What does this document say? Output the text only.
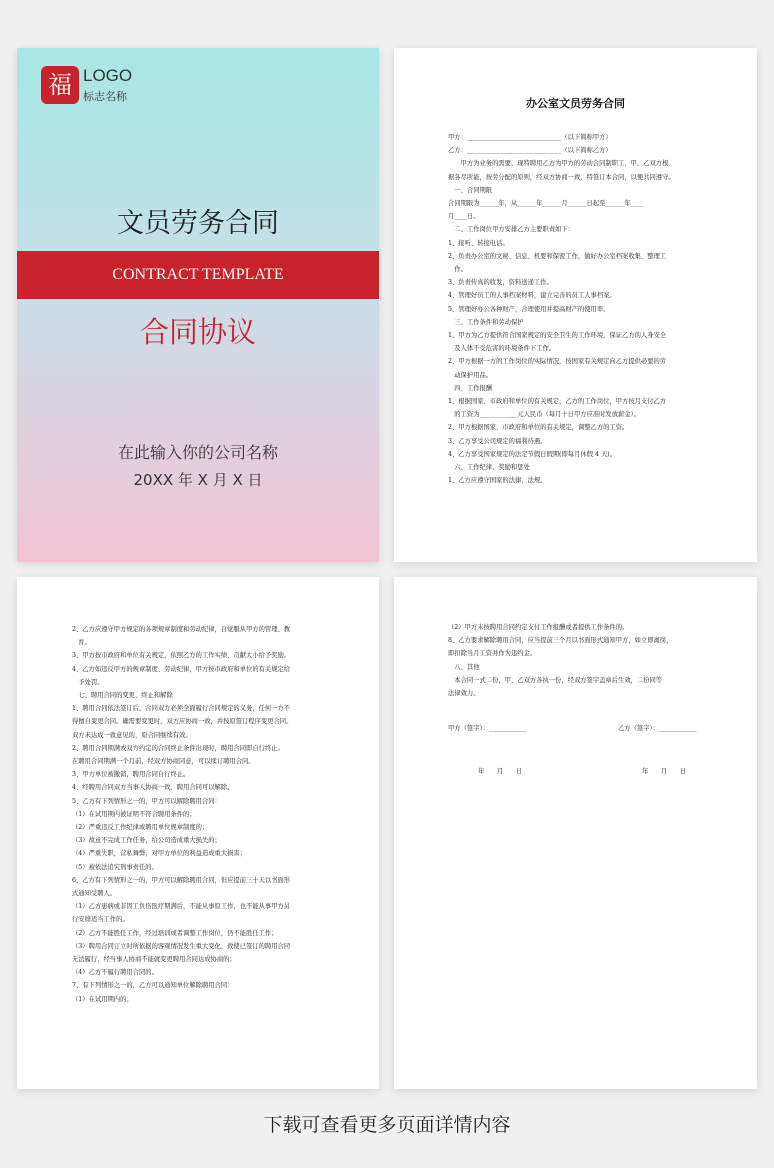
福 LOGO
标志名称
文员劳务合同
CONTRACT TEMPLATE
合同协议
在此输入你的公司名称
20XX 年 X 月 X 日
办公室文员劳务合同
甲方：______________________________（以下简称甲方）
乙方：______________________________（以下简称乙方）
　　甲方为业务的需要，现特聘用乙方为甲方的劳动合同制职工，甲、乙双方根
据各尽所能，按劳分配的原则，经双方协商一致，特签订本合同，以便共同遵守。
　一、合同期限
合同期限为______年，从______年______月______日起至______年____
月____日。
　二、工作岗位甲方安排乙方主要职责如下：
1、接听、转接电话。
2、负责办公室的文秘、信息、机要和保密工作，做好办公室档案收集、整理工
　作。
3、负责传真的收发，资料送递工作。
4、管理好员工的人事档案材料，建立完善的员工人事档案。
5、管理好办公各种财产，合理使用并提高财产的使用率。
　三、工作条件和劳动保护
1、甲方为乙方提供符合国家规定的安全卫生的工作环境，保证乙方的人身安全
　及人体不受危害的环境条件下工作。
2、甲方根据一方的工作岗位的实际情况，按国家有关规定向乙方提供必要的劳
　动保护用品。
　四、工作报酬
1、根据国家、市政府和单位的有关规定，乙方的工作岗位，甲方按月支付乙方
　的工资为____________元人民币（每月十日甲方应准时发放薪金）。
2、甲方根据国家、市政府和单位的有关规定，调整乙方的工资。
3、乙方享受公司规定的福利待遇。
4、乙方享受国家规定的法定节假日假期(即每月休假 4 天)。
　六、工作纪律、奖励和惩处
1、乙方应遵守国家的法律、法规。
2、乙方应遵守甲方规定的各项规章制度和劳动纪律，自觉服从甲方的管理、教
　育。
3、甲方按市政府和单位有关规定，依照乙方的工作实绩、贡献大小给予奖励。
4、乙方如违反甲方的规章制度、劳动纪律，甲方按市政府和单位的有关规定给
　予处罚。
　七、聘用合同的变更、终止和解除
1、聘用合同依法签订后，合同双方必须全面履行合同规定的义务，任何一方不
得擅自变更合同。确需要变更时，双方应协商一致，并按原签订程序变更合同。
双方未达成一致意见的，原合同继续有效。
2、聘用合同期满或双方约定的合同终止条件出现时，聘用合同即自行终止。
在聘用合同期满一个月前，经双方协商同意，可以续订聘用合同。
3、甲方单位被撤销，聘用合同自行终止。
4、经聘用合同双方当事人协商一致，聘用合同可以解除。
5、乙方有下列情形之一的，甲方可以解除聘用合同：
（1）在试用期内被证明不符合聘用条件的；
（2）严重违反工作纪律或聘用单位规章制度的；
（3）故意不完成工作任务，给公司造成重大损失的；
（4）严重失职，营私舞弊，对甲方单位的利益造成重大损害；
（5）被依法追究刑事责任的。
6、乙方有下列情形之一的，甲方可以解除聘用合同，但应提前三十天以书面形
式通知受聘人。
（1）乙方患病或非因工负伤医疗期满后，不能从事原工作，也不能从事甲方另
行安排适当工作的。
（2）乙方不能胜任工作，经过培训或者调整工作岗位，仍不能胜任工作；
（3）聘用合同订立时所依据的客观情况发生重大变化，致使已签订的聘用合同
无法履行，经当事人协商不能就变更聘用合同达成协商的；
（4）乙方不履行聘用合同的。
7、有下列情形之一的，乙方可以通知单位解除聘用合同：
（1）在试用期内的；
（2）甲方未按聘用合同约定支付工作报酬或者提供工作条件的。
8、乙方要求解除聘用合同，应当提前三个月以书面形式通知甲方，如立即离岗，
即扣除当月工资并作为违约金。
　八、其他
　本合同一式二份，甲、乙双方各执一份，经双方签字盖章后生效，二份同等
法律效力。
甲方（签字）：____________	乙方（签字）：____________
年　　月　　日	年　　月　　日
下载可查看更多页面详情内容
